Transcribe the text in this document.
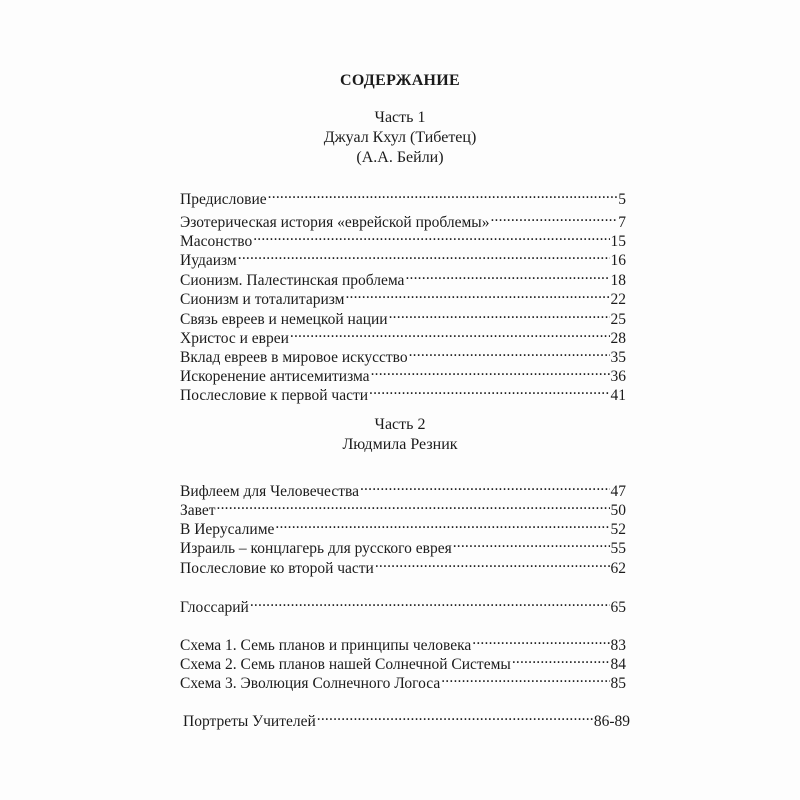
СОДЕРЖАНИЕ
Часть 1
Джуал Кхул (Тибетец)
(А.А. Бейли)
Предисловие .....	5
Эзотерическая история «еврейской проблемы» .....	7
Масонство .....	15
Иудаизм .....	16
Сионизм. Палестинская проблема .....	18
Сионизм и тоталитаризм .....	22
Связь евреев и немецкой нации .....	25
Христос и евреи .....	28
Вклад евреев в мировое искусство .....	35
Искоренение антисемитизма .....	36
Послесловие к первой части .....	41
Часть 2
Людмила Резник
Вифлеем для Человечества .....	47
Завет .....	50
В Иерусалиме .....	52
Израиль – концлагерь для русского еврея .....	55
Послесловие ко второй части .....	62
Глоссарий .....	65
Схема 1. Семь планов и принципы человека .....	83
Схема 2. Семь планов нашей Солнечной Системы .....	84
Схема 3. Эволюция Солнечного Логоса .....	85
Портреты Учителей .....	86-89
